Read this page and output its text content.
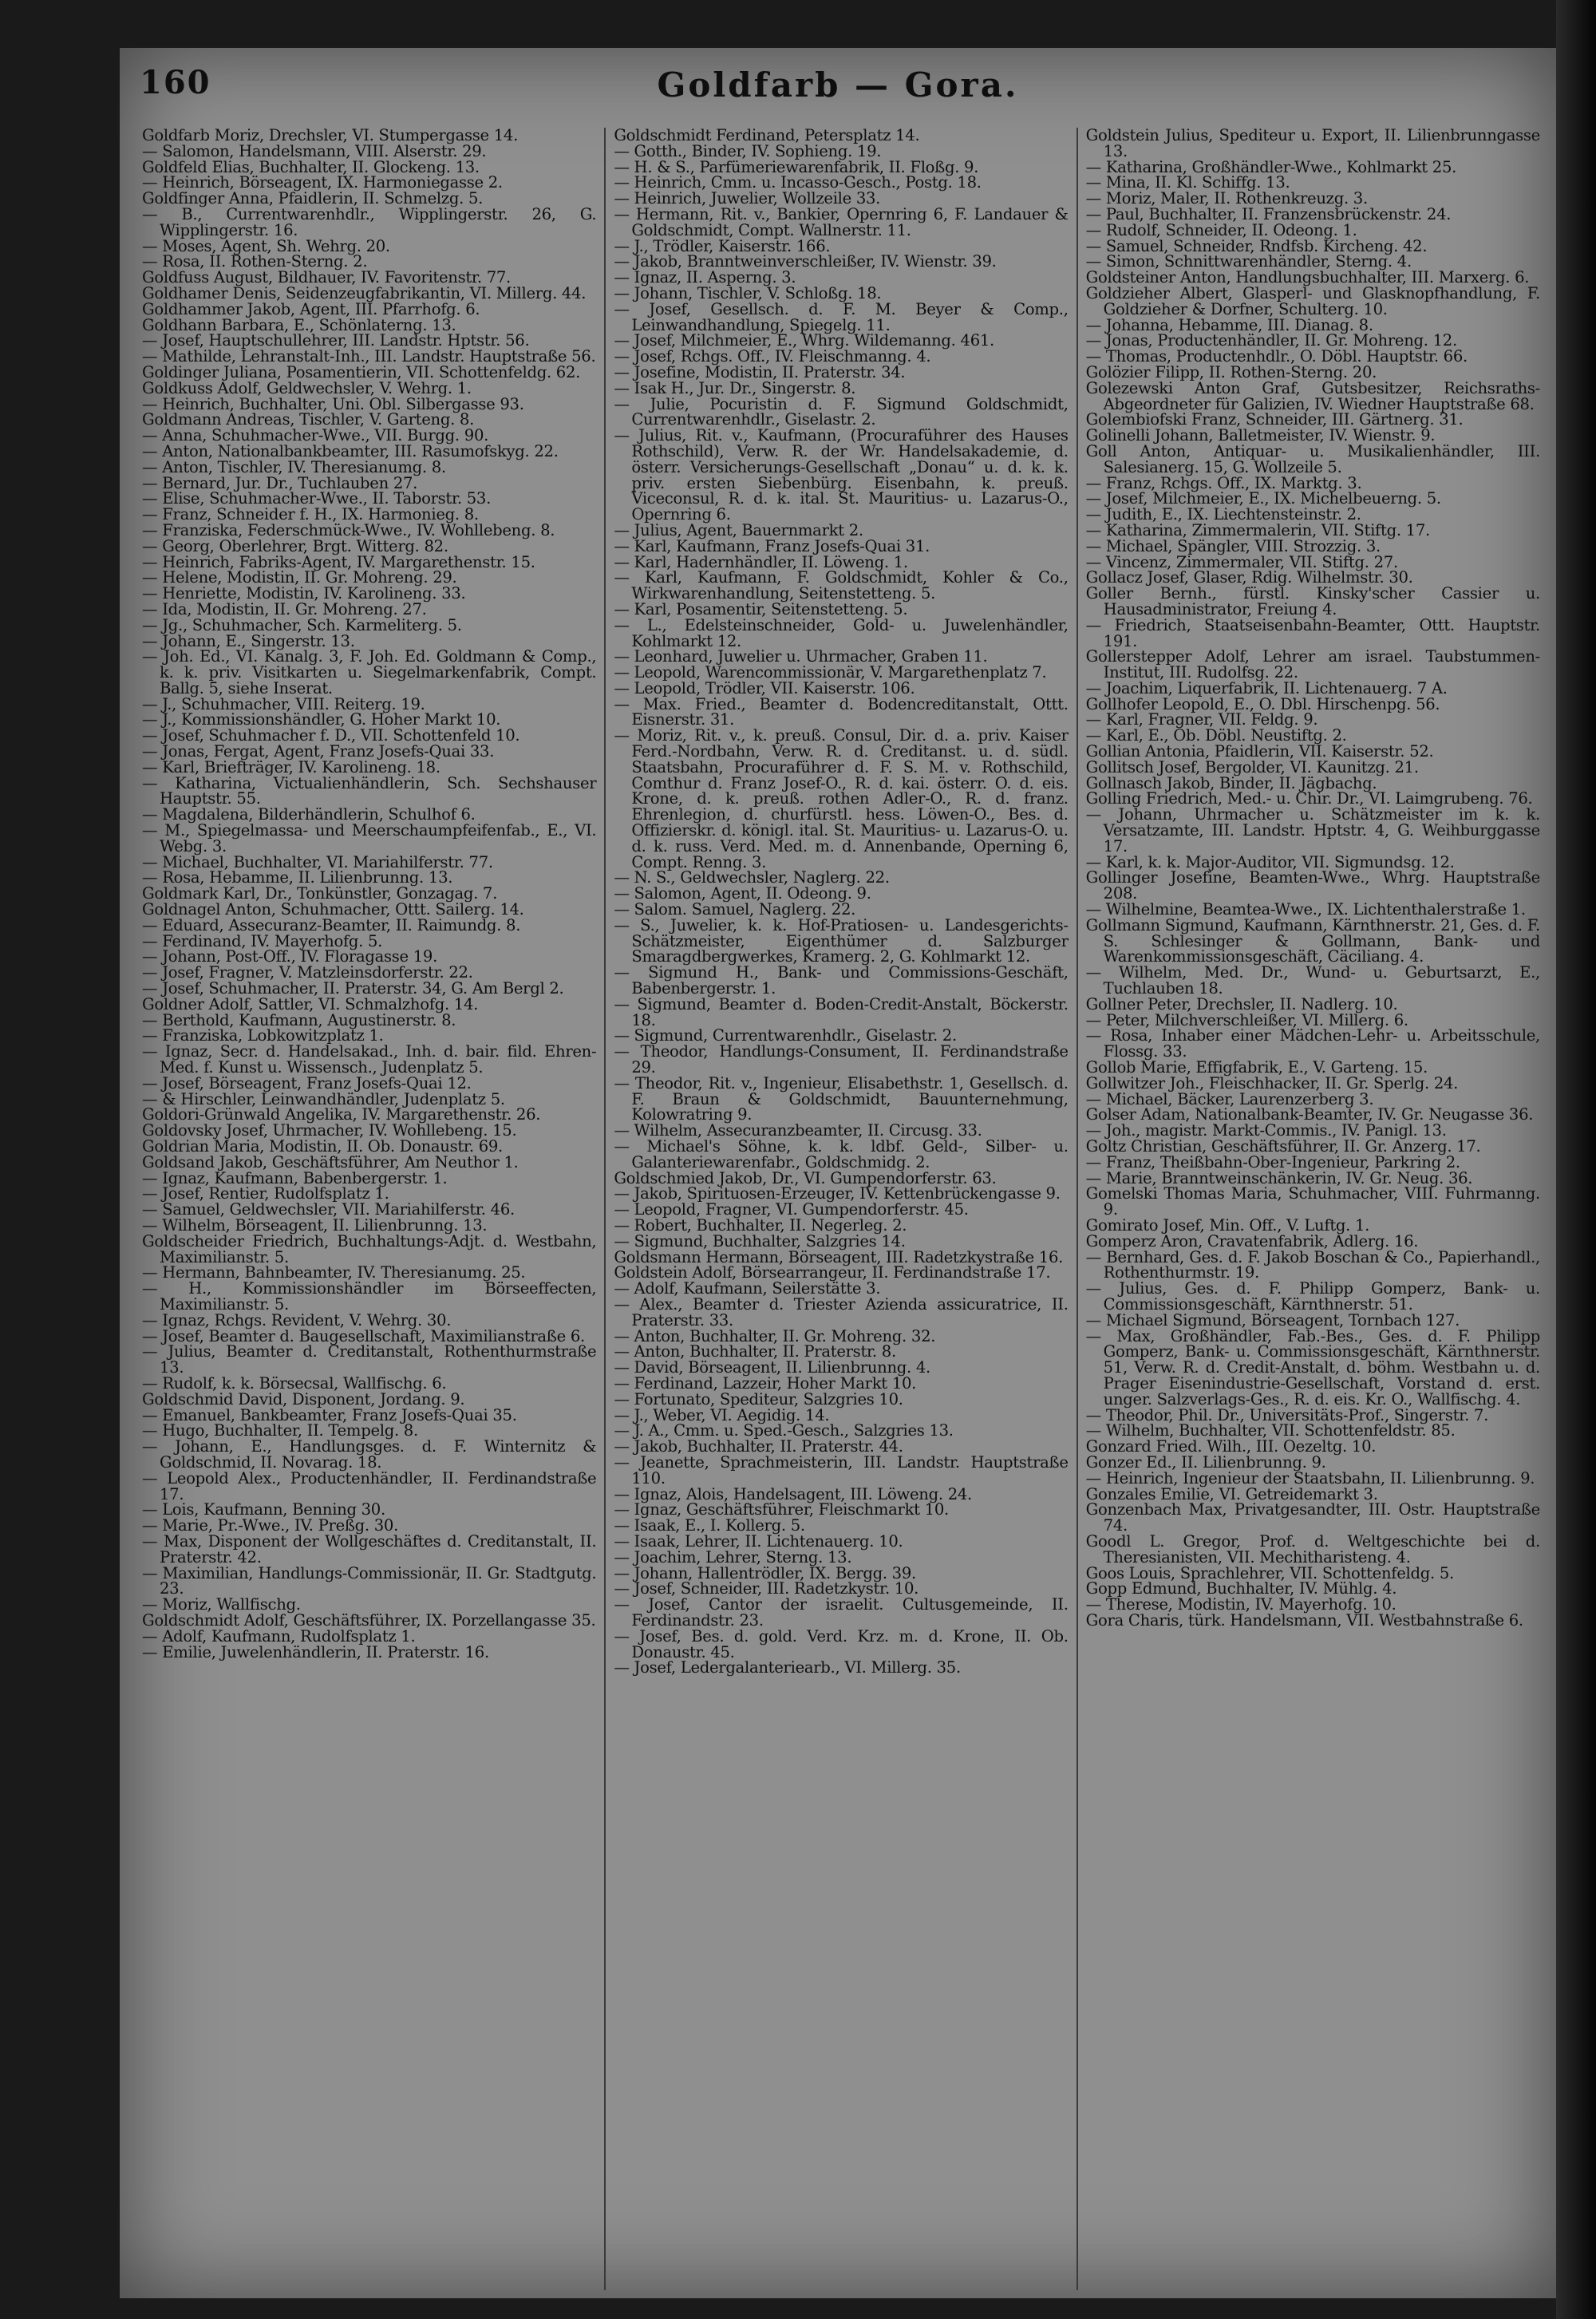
160	Goldfarb — Gora.

Goldfarb Moriz, Drechsler, VI. Stumpergasse 14.

— Salomon, Handelsmann, VIII. Alserstr. 29.

Goldfeld Elias, Buchhalter, II. Glockeng. 13.

— Heinrich, Börseagent, IX. Harmoniegasse 2.

Goldfinger Anna, Pfaidlerin, II. Schmelzg. 5.

— B., Currentwarenhdlr., Wipplingerstr. 26, G. Wipplingerstr. 16.

— Moses, Agent, Sh. Wehrg. 20.

— Rosa, II. Rothen-Sterng. 2.

Goldfuss August, Bildhauer, IV. Favoritenstr. 77.

Goldhamer Denis, Seidenzeugfabrikantin, VI. Millerg. 44.

Goldhammer Jakob, Agent, III. Pfarrhofg. 6.

Goldhann Barbara, E., Schönlaterng. 13.

— Josef, Hauptschullehrer, III. Landstr. Hptstr. 56.

— Mathilde, Lehranstalt-Inh., III. Landstr. Hauptstraße 56.

Goldinger Juliana, Posamentierin, VII. Schottenfeldg. 62.

Goldkuss Adolf, Geldwechsler, V. Wehrg. 1.

— Heinrich, Buchhalter, Uni. Obl. Silbergasse 93.

Goldmann Andreas, Tischler, V. Garteng. 8.

— Anna, Schuhmacher-Wwe., VII. Burgg. 90.

— Anton, Nationalbankbeamter, III. Rasumofskyg. 22.

— Anton, Tischler, IV. Theresianumg. 8.

— Bernard, Jur. Dr., Tuchlauben 27.

— Elise, Schuhmacher-Wwe., II. Taborstr. 53.

— Franz, Schneider f. H., IX. Harmonieg. 8.

— Franziska, Federschmück-Wwe., IV. Wohllebeng. 8.

— Georg, Oberlehrer, Brgt. Witterg. 82.

— Heinrich, Fabriks-Agent, IV. Margarethenstr. 15.

— Helene, Modistin, II. Gr. Mohreng. 29.

— Henriette, Modistin, IV. Karolineng. 33.

— Ida, Modistin, II. Gr. Mohreng. 27.

— Jg., Schuhmacher, Sch. Karmeliterg. 5.

— Johann, E., Singerstr. 13.

— Joh. Ed., VI. Kanalg. 3, F. Joh. Ed. Goldmann & Comp., k. k. priv. Visitkarten u. Siegelmarkenfabrik, Compt. Ballg. 5, siehe Inserat.

— J., Schuhmacher, VIII. Reiterg. 19.

— J., Kommissionshändler, G. Hoher Markt 10.

— Josef, Schuhmacher f. D., VII. Schottenfeld 10.

— Jonas, Fergat, Agent, Franz Josefs-Quai 33.

— Karl, Briefträger, IV. Karolineng. 18.

— Katharina, Victualienhändlerin, Sch. Sechshauser Hauptstr. 55.

— Magdalena, Bilderhändlerin, Schulhof 6.

— M., Spiegelmassa- und Meerschaumpfeifenfab., E., VI. Webg. 3.

— Michael, Buchhalter, VI. Mariahilferstr. 77.

— Rosa, Hebamme, II. Lilienbrunng. 13.

Goldmark Karl, Dr., Tonkünstler, Gonzagag. 7.

Goldnagel Anton, Schuhmacher, Ottt. Sailerg. 14.

— Eduard, Assecuranz-Beamter, II. Raimundg. 8.

— Ferdinand, IV. Mayerhofg. 5.

— Johann, Post-Off., IV. Floragasse 19.

— Josef, Fragner, V. Matzleinsdorferstr. 22.

— Josef, Schuhmacher, II. Praterstr. 34, G. Am Bergl 2.

Goldner Adolf, Sattler, VI. Schmalzhofg. 14.

— Berthold, Kaufmann, Augustinerstr. 8.

— Franziska, Lobkowitzplatz 1.

— Ignaz, Secr. d. Handelsakad., Inh. d. bair. fild. Ehren-Med. f. Kunst u. Wissensch., Judenplatz 5.

— Josef, Börseagent, Franz Josefs-Quai 12.

— & Hirschler, Leinwandhändler, Judenplatz 5.

Goldori-Grünwald Angelika, IV. Margarethenstr. 26.

Goldovsky Josef, Uhrmacher, IV. Wohllebeng. 15.

Goldrian Maria, Modistin, II. Ob. Donaustr. 69.

Goldsand Jakob, Geschäftsführer, Am Neuthor 1.

— Ignaz, Kaufmann, Babenbergerstr. 1.

— Josef, Rentier, Rudolfsplatz 1.

— Samuel, Geldwechsler, VII. Mariahilferstr. 46.

— Wilhelm, Börseagent, II. Lilienbrunng. 13.

Goldscheider Friedrich, Buchhaltungs-Adjt. d. Westbahn, Maximilianstr. 5.

— Hermann, Bahnbeamter, IV. Theresianumg. 25.

— H., Kommissionshändler im Börseeffecten, Maximilianstr. 5.

— Ignaz, Rchgs. Revident, V. Wehrg. 30.

— Josef, Beamter d. Baugesellschaft, Maximilianstraße 6.

— Julius, Beamter d. Creditanstalt, Rothenthurmstraße 13.

— Rudolf, k. k. Börsecsal, Wallfischg. 6.

Goldschmid David, Disponent, Jordang. 9.

— Emanuel, Bankbeamter, Franz Josefs-Quai 35.

— Hugo, Buchhalter, II. Tempelg. 8.

— Johann, E., Handlungsges. d. F. Winternitz & Goldschmid, II. Novarag. 18.

— Leopold Alex., Productenhändler, II. Ferdinandstraße 17.

— Lois, Kaufmann, Benning 30.

— Marie, Pr.-Wwe., IV. Preßg. 30.

— Max, Disponent der Wollgeschäftes d. Creditanstalt, II. Praterstr. 42.

— Maximilian, Handlungs-Commissionär, II. Gr. Stadtgutg. 23.

— Moriz, Wallfischg.

Goldschmidt Adolf, Geschäftsführer, IX. Porzellangasse 35.

— Adolf, Kaufmann, Rudolfsplatz 1.

— Emilie, Juwelenhändlerin, II. Praterstr. 16.

Goldschmidt Ferdinand, Petersplatz 14.

— Gotth., Binder, IV. Sophieng. 19.

— H. & S., Parfümeriewarenfabrik, II. Floßg. 9.

— Heinrich, Cmm. u. Incasso-Gesch., Postg. 18.

— Heinrich, Juwelier, Wollzeile 33.

— Hermann, Rit. v., Bankier, Opernring 6, F. Landauer & Goldschmidt, Compt. Wallnerstr. 11.

— J., Trödler, Kaiserstr. 166.

— Jakob, Branntweinverschleißer, IV. Wienstr. 39.

— Ignaz, II. Asperng. 3.

— Johann, Tischler, V. Schloßg. 18.

— Josef, Gesellsch. d. F. M. Beyer & Comp., Leinwandhandlung, Spiegelg. 11.

— Josef, Milchmeier, E., Whrg. Wildemanng. 461.

— Josef, Rchgs. Off., IV. Fleischmanng. 4.

— Josefine, Modistin, II. Praterstr. 34.

— Isak H., Jur. Dr., Singerstr. 8.

— Julie, Pocuristin d. F. Sigmund Goldschmidt, Currentwarenhdlr., Giselastr. 2.

— Julius, Rit. v., Kaufmann, (Procuraführer des Hauses Rothschild), Verw. R. der Wr. Handelsakademie, d. österr. Versicherungs-Gesellschaft „Donau“ u. d. k. k. priv. ersten Siebenbürg. Eisenbahn, k. preuß. Viceconsul, R. d. k. ital. St. Mauritius- u. Lazarus-O., Opernring 6.

— Julius, Agent, Bauernmarkt 2.

— Karl, Kaufmann, Franz Josefs-Quai 31.

— Karl, Hadernhändler, II. Löweng. 1.

— Karl, Kaufmann, F. Goldschmidt, Kohler & Co., Wirkwarenhandlung, Seitenstetteng. 5.

— Karl, Posamentir, Seitenstetteng. 5.

— L., Edelsteinschneider, Gold- u. Juwelenhändler, Kohlmarkt 12.

— Leonhard, Juwelier u. Uhrmacher, Graben 11.

— Leopold, Warencommissionär, V. Margarethenplatz 7.

— Leopold, Trödler, VII. Kaiserstr. 106.

— Max. Fried., Beamter d. Bodencreditanstalt, Ottt. Eisnerstr. 31.

— Moriz, Rit. v., k. preuß. Consul, Dir. d. a. priv. Kaiser Ferd.-Nordbahn, Verw. R. d. Creditanst. u. d. südl. Staatsbahn, Procuraführer d. F. S. M. v. Rothschild, Comthur d. Franz Josef-O., R. d. kai. österr. O. d. eis. Krone, d. k. preuß. rothen Adler-O., R. d. franz. Ehrenlegion, d. churfürstl. hess. Löwen-O., Bes. d. Offizierskr. d. königl. ital. St. Mauritius- u. Lazarus-O. u. d. k. russ. Verd. Med. m. d. Annenbande, Operning 6, Compt. Renng. 3.

— N. S., Geldwechsler, Naglerg. 22.

— Salomon, Agent, II. Odeong. 9.

— Salom. Samuel, Naglerg. 22.

— S., Juwelier, k. k. Hof-Pratiosen- u. Landesgerichts-Schätzmeister, Eigenthümer d. Salzburger Smaragdbergwerkes, Kramerg. 2, G. Kohlmarkt 12.

— Sigmund H., Bank- und Commissions-Geschäft, Babenbergerstr. 1.

— Sigmund, Beamter d. Boden-Credit-Anstalt, Böckerstr. 18.

— Sigmund, Currentwarenhdlr., Giselastr. 2.

— Theodor, Handlungs-Consument, II. Ferdinandstraße 29.

— Theodor, Rit. v., Ingenieur, Elisabethstr. 1, Gesellsch. d. F. Braun & Goldschmidt, Bauunternehmung, Kolowratring 9.

— Wilhelm, Assecuranzbeamter, II. Circusg. 33.

— Michael's Söhne, k. k. ldbf. Geld-, Silber- u. Galanteriewarenfabr., Goldschmidg. 2.

Goldschmied Jakob, Dr., VI. Gumpendorferstr. 63.

— Jakob, Spirituosen-Erzeuger, IV. Kettenbrückengasse 9.

— Leopold, Fragner, VI. Gumpendorferstr. 45.

— Robert, Buchhalter, II. Negerleg. 2.

— Sigmund, Buchhalter, Salzgries 14.

Goldsmann Hermann, Börseagent, III. Radetzkystraße 16.

Goldstein Adolf, Börsearrangeur, II. Ferdinandstraße 17.

— Adolf, Kaufmann, Seilerstätte 3.

— Alex., Beamter d. Triester Azienda assicuratrice, II. Praterstr. 33.

— Anton, Buchhalter, II. Gr. Mohreng. 32.

— Anton, Buchhalter, II. Praterstr. 8.

— David, Börseagent, II. Lilienbrunng. 4.

— Ferdinand, Lazzeir, Hoher Markt 10.

— Fortunato, Spediteur, Salzgries 10.

— J., Weber, VI. Aegidig. 14.

— J. A., Cmm. u. Sped.-Gesch., Salzgries 13.

— Jakob, Buchhalter, II. Praterstr. 44.

— Jeanette, Sprachmeisterin, III. Landstr. Hauptstraße 110.

— Ignaz, Alois, Handelsagent, III. Löweng. 24.

— Ignaz, Geschäftsführer, Fleischmarkt 10.

— Isaak, E., I. Kollerg. 5.

— Isaak, Lehrer, II. Lichtenauerg. 10.

— Joachim, Lehrer, Sterng. 13.

— Johann, Hallentrödler, IX. Bergg. 39.

— Josef, Schneider, III. Radetzkystr. 10.

— Josef, Cantor der israelit. Cultusgemeinde, II. Ferdinandstr. 23.

— Josef, Bes. d. gold. Verd. Krz. m. d. Krone, II. Ob. Donaustr. 45.

— Josef, Ledergalanteriearb., VI. Millerg. 35.

Goldstein Julius, Spediteur u. Export, II. Lilienbrunngasse 13.

— Katharina, Großhändler-Wwe., Kohlmarkt 25.

— Mina, II. Kl. Schiffg. 13.

— Moriz, Maler, II. Rothenkreuzg. 3.

— Paul, Buchhalter, II. Franzensbrückenstr. 24.

— Rudolf, Schneider, II. Odeong. 1.

— Samuel, Schneider, Rndfsb. Kircheng. 42.

— Simon, Schnittwarenhändler, Sterng. 4.

Goldsteiner Anton, Handlungsbuchhalter, III. Marxerg. 6.

Goldzieher Albert, Glasperl- und Glasknopfhandlung, F. Goldzieher & Dorfner, Schulterg. 10.

— Johanna, Hebamme, III. Dianag. 8.

— Jonas, Productenhändler, II. Gr. Mohreng. 12.

— Thomas, Productenhdlr., O. Döbl. Hauptstr. 66.

Golözier Filipp, II. Rothen-Sterng. 20.

Golezewski Anton Graf, Gutsbesitzer, Reichsraths-Abgeordneter für Galizien, IV. Wiedner Hauptstraße 68.

Golembiofski Franz, Schneider, III. Gärtnerg. 31.

Golinelli Johann, Balletmeister, IV. Wienstr. 9.

Goll Anton, Antiquar- u. Musikalienhändler, III. Salesianerg. 15, G. Wollzeile 5.

— Franz, Rchgs. Off., IX. Marktg. 3.

— Josef, Milchmeier, E., IX. Michelbeuerng. 5.

— Judith, E., IX. Liechtensteinstr. 2.

— Katharina, Zimmermalerin, VII. Stiftg. 17.

— Michael, Spängler, VIII. Strozzig. 3.

— Vincenz, Zimmermaler, VII. Stiftg. 27.

Gollacz Josef, Glaser, Rdig. Wilhelmstr. 30.

Goller Bernh., fürstl. Kinsky'scher Cassier u. Hausadministrator, Freiung 4.

— Friedrich, Staatseisenbahn-Beamter, Ottt. Hauptstr. 191.

Gollerstepper Adolf, Lehrer am israel. Taubstummen-Institut, III. Rudolfsg. 22.

— Joachim, Liquerfabrik, II. Lichtenauerg. 7 A.

Gollhofer Leopold, E., O. Dbl. Hirschenpg. 56.

— Karl, Fragner, VII. Feldg. 9.

— Karl, E., Ob. Döbl. Neustiftg. 2.

Gollian Antonia, Pfaidlerin, VII. Kaiserstr. 52.

Gollitsch Josef, Bergolder, VI. Kaunitzg. 21.

Gollnasch Jakob, Binder, II. Jägbachg.

Golling Friedrich, Med.- u. Chir. Dr., VI. Laimgrubeng. 76.

— Johann, Uhrmacher u. Schätzmeister im k. k. Versatzamte, III. Landstr. Hptstr. 4, G. Weihburggasse 17.

— Karl, k. k. Major-Auditor, VII. Sigmundsg. 12.

Gollinger Josefine, Beamten-Wwe., Whrg. Hauptstraße 208.

— Wilhelmine, Beamtea-Wwe., IX. Lichtenthalerstraße 1.

Gollmann Sigmund, Kaufmann, Kärnthnerstr. 21, Ges. d. F. S. Schlesinger & Gollmann, Bank- und Warenkommissionsgeschäft, Cäciliang. 4.

— Wilhelm, Med. Dr., Wund- u. Geburtsarzt, E., Tuchlauben 18.

Gollner Peter, Drechsler, II. Nadlerg. 10.

— Peter, Milchverschleißer, VI. Millerg. 6.

— Rosa, Inhaber einer Mädchen-Lehr- u. Arbeitsschule, Flossg. 33.

Gollob Marie, Effigfabrik, E., V. Garteng. 15.

Gollwitzer Joh., Fleischhacker, II. Gr. Sperlg. 24.

— Michael, Bäcker, Laurenzerberg 3.

Golser Adam, Nationalbank-Beamter, IV. Gr. Neugasse 36.

— Joh., magistr. Markt-Commis., IV. Panigl. 13.

Goltz Christian, Geschäftsführer, II. Gr. Anzerg. 17.

— Franz, Theißbahn-Ober-Ingenieur, Parkring 2.

— Marie, Branntweinschänkerin, IV. Gr. Neug. 36.

Gomelski Thomas Maria, Schuhmacher, VIII. Fuhrmanng. 9.

Gomirato Josef, Min. Off., V. Luftg. 1.

Gomperz Aron, Cravatenfabrik, Adlerg. 16.

— Bernhard, Ges. d. F. Jakob Boschan & Co., Papierhandl., Rothenthurmstr. 19.

— Julius, Ges. d. F. Philipp Gomperz, Bank- u. Commissionsgeschäft, Kärnthnerstr. 51.

— Michael Sigmund, Börseagent, Tornbach 127.

— Max, Großhändler, Fab.-Bes., Ges. d. F. Philipp Gomperz, Bank- u. Commissionsgeschäft, Kärnthnerstr. 51, Verw. R. d. Credit-Anstalt, d. böhm. Westbahn u. d. Prager Eisenindustrie-Gesellschaft, Vorstand d. erst. unger. Salzverlags-Ges., R. d. eis. Kr. O., Wallfischg. 4.

— Theodor, Phil. Dr., Universitäts-Prof., Singerstr. 7.

— Wilhelm, Buchhalter, VII. Schottenfeldstr. 85.

Gonzard Fried. Wilh., III. Oezeltg. 10.

Gonzer Ed., II. Lilienbrunng. 9.

— Heinrich, Ingenieur der Staatsbahn, II. Lilienbrunng. 9.

Gonzales Emilie, VI. Getreidemarkt 3.

Gonzenbach Max, Privatgesandter, III. Ostr. Hauptstraße 74.

Goodl L. Gregor, Prof. d. Weltgeschichte bei d. Theresianisten, VII. Mechitharisteng. 4.

Goos Louis, Sprachlehrer, VII. Schottenfeldg. 5.

Gopp Edmund, Buchhalter, IV. Mühlg. 4.

— Therese, Modistin, IV. Mayerhofg. 10.

Gora Charis, türk. Handelsmann, VII. Westbahnstraße 6.
